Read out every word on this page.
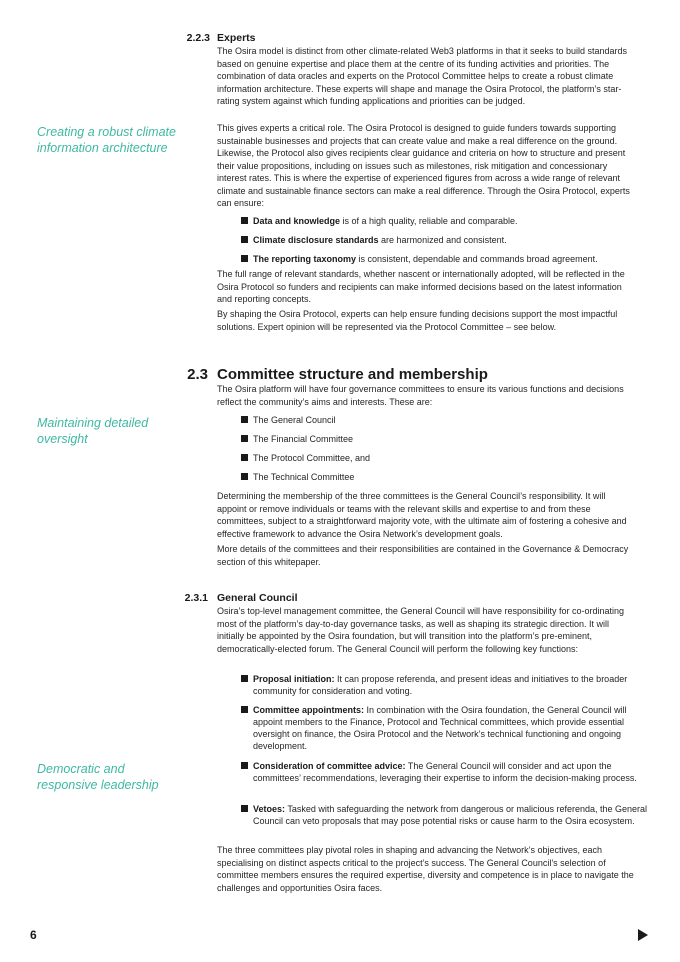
Creating a robust climate information architecture
Maintaining detailed oversight
Democratic and responsive leadership
2.2.3 Experts

The Osira model is distinct from other climate-related Web3 platforms in that it seeks to build standards based on genuine expertise and place them at the centre of its funding activities and priorities. The combination of data oracles and experts on the Protocol Committee helps to create a robust climate information architecture. These experts will shape and manage the Osira Protocol, the platform’s star-rating system against which funding applications and priorities can be judged.

This gives experts a critical role. The Osira Protocol is designed to guide funders towards supporting sustainable businesses and projects that can create value and make a real difference on the ground. Likewise, the Protocol also gives recipients clear guidance and criteria on how to structure and present their value propositions, including on issues such as milestones, risk mitigation and concessionary interest rates. This is where the expertise of experienced figures from across a wide range of relevant climate and sustainable finance sectors can make a real difference. Through the Osira Protocol, experts can ensure:

Data and knowledge is of a high quality, reliable and comparable.
Climate disclosure standards are harmonized and consistent.
The reporting taxonomy is consistent, dependable and commands broad agreement.

The full range of relevant standards, whether nascent or internationally adopted, will be reflected in the Osira Protocol so funders and recipients can make informed decisions based on the latest information and reporting concepts.

By shaping the Osira Protocol, experts can help ensure funding decisions support the most impactful solutions. Expert opinion will be represented via the Protocol Committee – see below.

2.3 Committee structure and membership

The Osira platform will have four governance committees to ensure its various functions and decisions reflect the community’s aims and interests. These are:

The General Council
The Financial Committee
The Protocol Committee, and
The Technical Committee

Determining the membership of the three committees is the General Council’s responsibility. It will appoint or remove individuals or teams with the relevant skills and expertise to and from these committees, subject to a straightforward majority vote, with the ultimate aim of fostering a cohesive and effective framework to advance the Osira Network’s development goals.

More details of the committees and their responsibilities are contained in the Governance & Democracy section of this whitepaper.

2.3.1 General Council

Osira’s top-level management committee, the General Council will have responsibility for co-ordinating most of the platform’s day-to-day governance tasks, as well as shaping its strategic direction. It will initially be appointed by the Osira foundation, but will transition into the platform’s pre-eminent, democratically-elected forum. The General Council will perform the following key functions:

Proposal initiation: It can propose referenda, and present ideas and initiatives to the broader community for consideration and voting.
Committee appointments: In combination with the Osira foundation, the General Council will appoint members to the Finance, Protocol and Technical committees, which provide essential oversight on finance, the Osira Protocol and the Network’s technical functioning and ongoing development.
Consideration of committee advice: The General Council will consider and act upon the committees’ recommendations, leveraging their expertise to inform the decision-making process.
Vetoes: Tasked with safeguarding the network from dangerous or malicious referenda, the General Council can veto proposals that may pose potential risks or cause harm to the Osira ecosystem.

The three committees play pivotal roles in shaping and advancing the Network’s objectives, each specialising on distinct aspects critical to the project’s success. The General Council’s selection of committee members ensures the required expertise, diversity and competence is in place to navigate the challenges and opportunities Osira faces.

6
